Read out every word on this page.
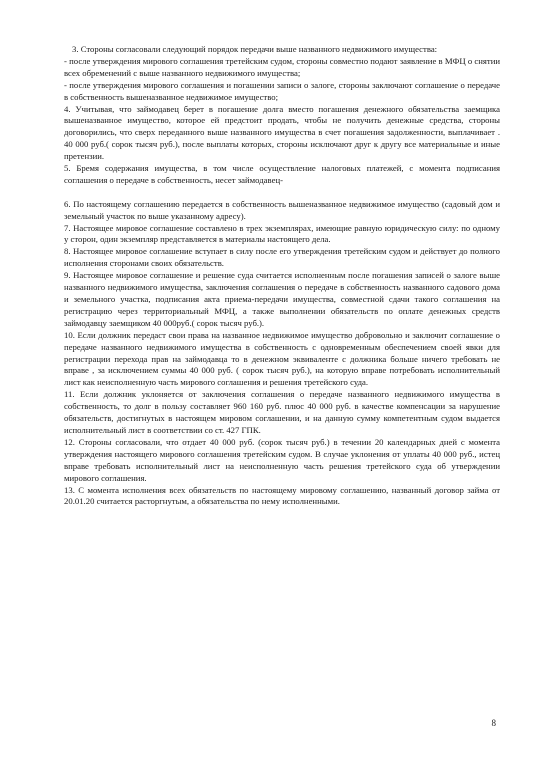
3. Стороны согласовали следующий порядок передачи выше названного недвижимого имущества:

- после утверждения мирового соглашения третейским судом, стороны совместно подают заявление в МФЦ о снятии всех обременений с выше названного недвижимого имущества;

- после утверждения мирового соглашения и погашении записи о залоге, стороны заключают соглашение о передаче в собственность вышеназванное недвижимое имущество;

4. Учитывая, что займодавец берет в погашение долга вместо погашения денежного обязательства заемщика вышеназванное имущество, которое ей предстоит продать, чтобы не получить денежные средства, стороны договорились, что сверх переданного выше названного имущества в счет погашения задолженности, выплачивает . 40 000 руб.( сорок тысяч руб.), после выплаты которых, стороны исключают друг к другу все материальные и иные претензии.

5. Бремя содержания имущества, в том числе осуществление налоговых платежей, с момента подписания соглашения о передаче в собственность, несет займодавец-

6. По настоящему соглашению передается в собственность вышеназванное недвижимое имущество (садовый дом и земельный участок по выше указанному адресу).

7. Настоящее мировое соглашение составлено в трех экземплярах, имеющие равную юридическую силу: по одному у сторон, один экземпляр представляется в материалы настоящего дела.

8. Настоящее мировое соглашение вступает в силу после его утверждения третейским судом и действует до полного исполнения сторонами своих обязательств.

9. Настоящее мировое соглашение и решение суда считается исполненным после погашения записей о залоге выше названного недвижимого имущества, заключения соглашения о передаче в собственность названного садового дома и земельного участка, подписания акта приема-передачи имущества, совместной сдачи такого соглашения на регистрацию через территориальный МФЦ, а также выполнении обязательств по оплате денежных средств займодавцу заемщиком 40 000руб.( сорок тысяч руб.).

10. Если должник передаст свои права на названное недвижимое имущество добровольно и заключит соглашение о передаче названного недвижимого имущества в собственность с одновременным обеспечением своей явки для регистрации перехода прав на займодавца то в денежном эквиваленте с должника больше ничего требовать не вправе , за исключением суммы 40 000 руб. ( сорок тысяч руб.), на которую вправе потребовать исполнительный лист как неисполненную часть мирового соглашения и решения третейского суда.

11. Если должник уклоняется от заключения соглашения о передаче названного недвижимого имущества в собственность, то долг в пользу составляет 960 160 руб. плюс 40 000 руб. в качестве компенсации за нарушение обязательств, достигнутых в настоящем мировом соглашении, и на данную сумму компетентным судом выдается исполнительный лист в соответствии со ст. 427 ГПК.

12. Стороны согласовали, что отдает 40 000 руб. (сорок тысяч руб.) в течении 20 календарных дней с момента утверждения настоящего мирового соглашения третейским судом. В случае уклонения от уплаты 40 000 руб., истец вправе требовать исполнительный лист на неисполненную часть решения третейского суда об утверждении мирового соглашения.

13. С момента исполнения всех обязательств по настоящему мировому соглашению, названный договор займа от 20.01.20 считается расторгнутым, а обязательства по нему исполненными.

8
